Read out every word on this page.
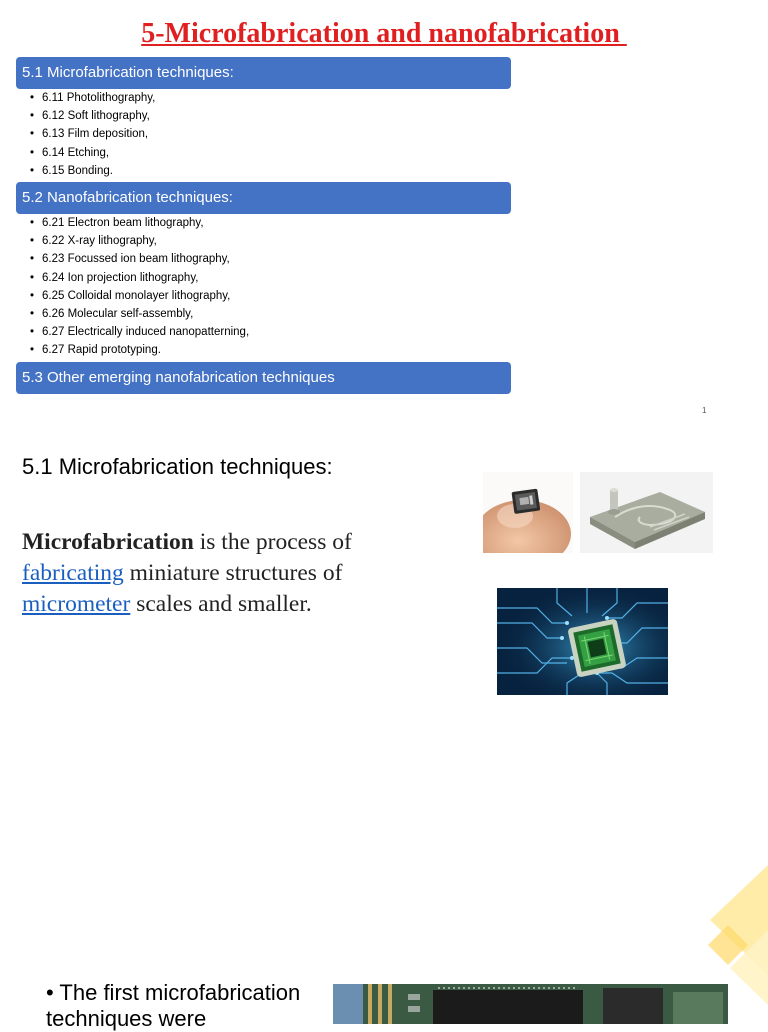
5-Microfabrication and nanofabrication
5.1 Microfabrication techniques:
• 6.11 Photolithography,
• 6.12 Soft lithography,
• 6.13 Film deposition,
• 6.14 Etching,
• 6.15 Bonding.
5.2 Nanofabrication techniques:
• 6.21 Electron beam lithography,
• 6.22 X-ray lithography,
• 6.23 Focussed ion beam lithography,
• 6.24 Ion projection lithography,
• 6.25 Colloidal monolayer lithography,
• 6.26 Molecular self-assembly,
• 6.27 Electrically induced nanopatterning,
• 6.27 Rapid prototyping.
5.3 Other emerging nanofabrication techniques
1
5.1 Microfabrication techniques:
Microfabrication is the process of fabricating miniature structures of micrometer scales and smaller.
• The first microfabrication
techniques were
